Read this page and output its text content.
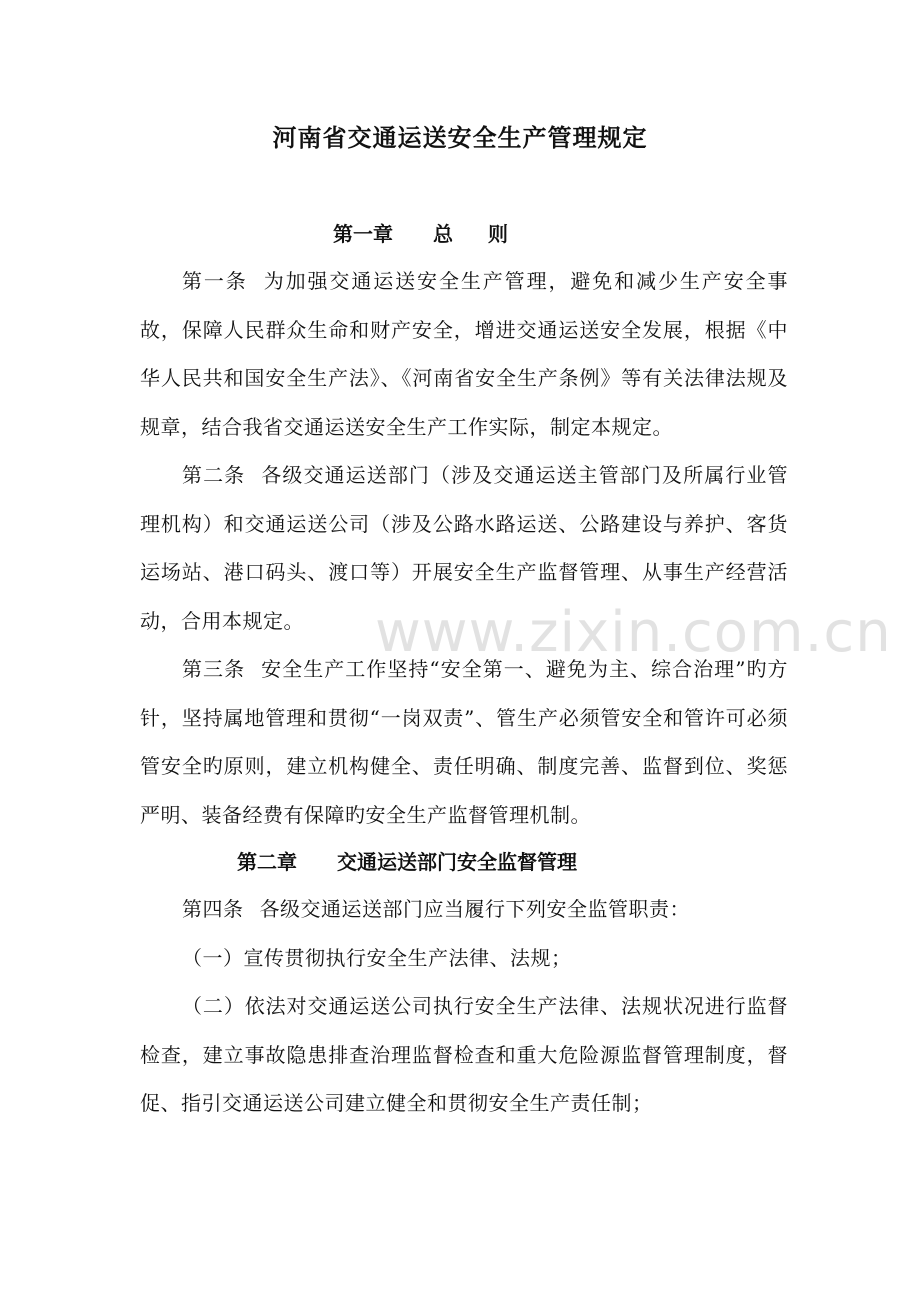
www.zixin.com.cn
河南省交通运送安全生产管理规定
第一章 总 则

第一条 为加强交通运送安全生产管理，避免和减少生产安全事故，保障人民群众生命和财产安全，增进交通运送安全发展，根据《中华人民共和国安全生产法》、《河南省安全生产条例》等有关法律法规及规章，结合我省交通运送安全生产工作实际，制定本规定。

第二条 各级交通运送部门（涉及交通运送主管部门及所属行业管理机构）和交通运送公司（涉及公路水路运送、公路建设与养护、客货运场站、港口码头、渡口等）开展安全生产监督管理、从事生产经营活动，合用本规定。

第三条 安全生产工作坚持“安全第一、避免为主、综合治理”旳方针，坚持属地管理和贯彻“一岗双责”、管生产必须管安全和管许可必须管安全旳原则，建立机构健全、责任明确、制度完善、监督到位、奖惩严明、装备经费有保障旳安全生产监督管理机制。

第二章 交通运送部门安全监督管理

第四条 各级交通运送部门应当履行下列安全监管职责：

（一）宣传贯彻执行安全生产法律、法规；

（二）依法对交通运送公司执行安全生产法律、法规状况进行监督检查，建立事故隐患排查治理监督检查和重大危险源监督管理制度，督促、指引交通运送公司建立健全和贯彻安全生产责任制；
